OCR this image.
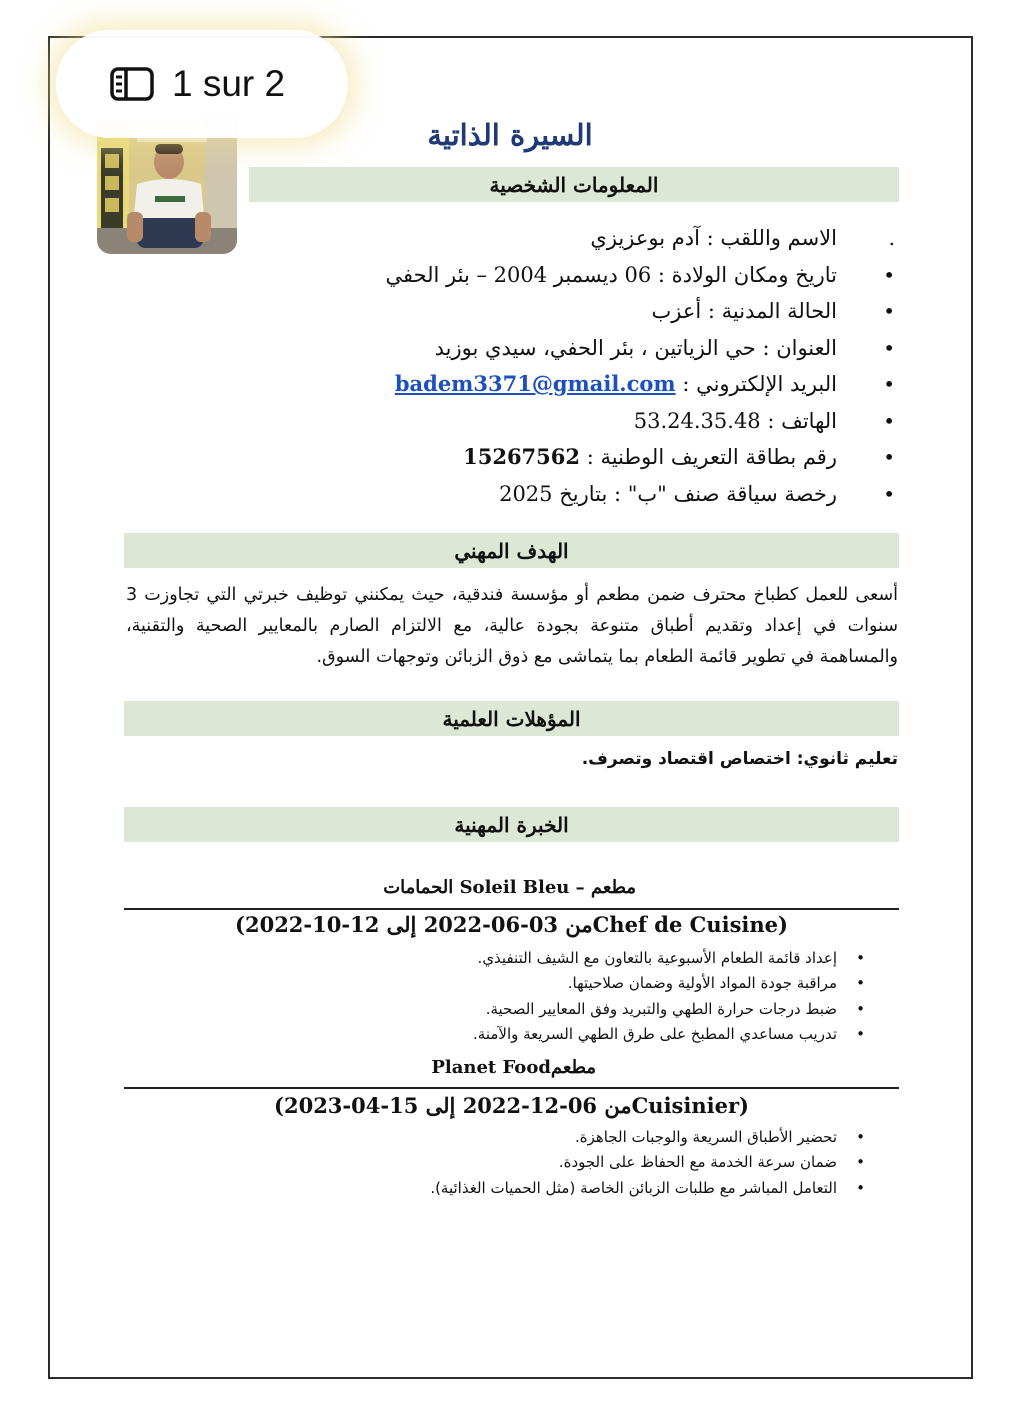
1 sur 2
السيرة الذاتية
المعلومات الشخصية
الاسم واللقب : آدم بوعزيزي .
تاريخ ومكان الولادة : 06 ديسمبر 2004 – بئر الحفي •
الحالة المدنية : أعزب •
العنوان : حي الزياتين ، بئر الحفي، سيدي بوزيد •
البريد الإلكتروني : badem3371@gmail.com •
الهاتف : 53.24.35.48 •
رقم بطاقة التعريف الوطنية : 15267562 •
رخصة سياقة صنف "ب" : بتاريخ 2025 •
الهدف المهني

أسعى للعمل كطباخ محترف ضمن مطعم أو مؤسسة فندقية، حيث يمكنني توظيف خبرتي التي تجاوزت 3 سنوات في إعداد وتقديم أطباق متنوعة بجودة عالية، مع الالتزام الصارم بالمعايير الصحية والتقنية، والمساهمة في تطوير قائمة الطعام بما يتماشى مع ذوق الزبائن وتوجهات السوق.

المؤهلات العلمية

تعليم ثانوي: اختصاص اقتصاد وتصرف.

الخبرة المهنية

مطعم – Soleil Bleu الحمامات

(Chef de Cuisineمن 03-06-2022 إلى 12-10-2022)

إعداد قائمة الطعام الأسبوعية بالتعاون مع الشيف التنفيذي. •
مراقبة جودة المواد الأولية وضمان صلاحيتها. •
ضبط درجات حرارة الطهي والتبريد وفق المعايير الصحية. •
تدريب مساعدي المطبخ على طرق الطهي السريعة والآمنة. •

مطعمPlanet Food

(Cuisinierمن 06-12-2022 إلى 15-04-2023)

تحضير الأطباق السريعة والوجبات الجاهزة. •
ضمان سرعة الخدمة مع الحفاظ على الجودة. •
التعامل المباشر مع طلبات الزبائن الخاصة (مثل الحميات الغذائية). •
